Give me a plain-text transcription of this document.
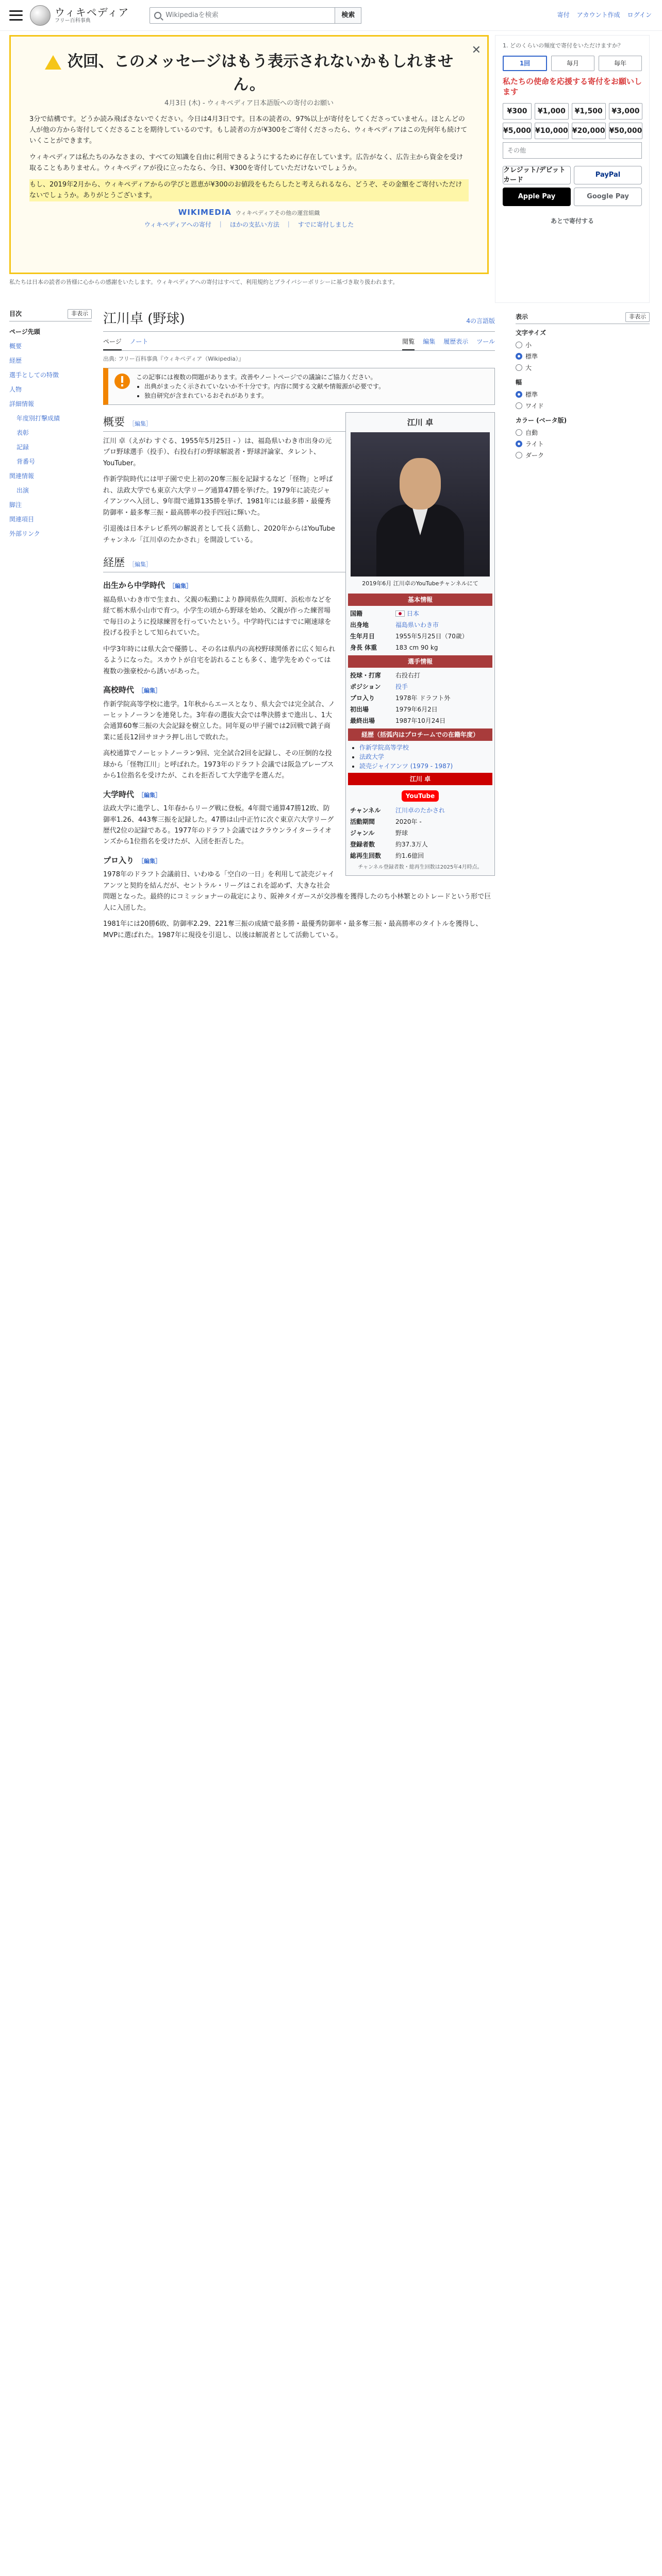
ウィキペディア
フリー百科事典
Wikipediaを検索	検索	寄付 アカウント作成 ログイン
✕
次回、このメッセージはもう表示されないかもしれません。
4月3日 (木) - ウィキペディア日本語版への寄付のお願い

3分で結構です。どうか読み飛ばさないでください。今日は4月3日です。日本の読者の、97%以上が寄付をしてくださっていません。ほとんどの人が他の方から寄付してくださることを期待しているのです。もし読者の方が¥300をご寄付くださったら、ウィキペディアはこの先何年も続けていくことができます。

ウィキペディアは私たちのみなさまの、すべての知識を自由に利用できるようにするために存在しています。広告がなく、広告主から資金を受け取ることもありません。ウィキペディアが役に立ったなら、今日、¥300を寄付していただけないでしょうか。

もし、2019年2月から、ウィキペディアからの学びと恩恵が¥300のお値段をもたらしたと考えられるなら、どうぞ、その金額をご寄付いただけないでしょうか。ありがとうございます。

WIKIMEDIA ウィキペディアその他の運営組織
ウィキペディアへの寄付　｜　ほかの支払い方法　｜　すでに寄付しました
1. どのくらいの頻度で寄付をいただけますか？
1回	毎月	毎年
私たちの使命を応援する寄付をお願いします
¥300	¥1,000	¥1,500	¥3,000
¥5,000 ¥10,000 ¥20,000 ¥50,000
その他
クレジット/デビットカード
PayPal
Apple Pay	Google Pay
あとで寄付する
私たちは日本の読者の皆様に心からの感謝をいたします。ウィキペディアへの寄付はすべて、利用規約とプライバシーポリシーに基づき取り扱われます。
目次	非表示
ページ先頭
概要
経歴
選手としての特徴
人物
詳細情報
年度別打撃成績
表彰
記録
背番号
関連情報
出演
脚注
関連項目
外部リンク
江川卓 (野球)	4の言語版
ページ ノート	閲覧 編集 履歴表示 ツール
出典: フリー百科事典『ウィキペディア（Wikipedia）』
この記事には複数の問題があります。改善やノートページでの議論にご協力ください。
• 出典がまったく示されていないか不十分です。内容に関する文献や情報源が必要です。
• 独自研究が含まれているおそれがあります。
江川 卓
2019年6月 江川卓のYouTubeチャンネルにて
基本情報
国籍	日本
出身地	福島県いわき市
生年月日	1955年5月25日（70歳）
身長 体重	183 cm 90 kg
選手情報
投球・打席	右投右打
ポジション	投手
プロ入り	1978年 ドラフト外
初出場	1979年6月2日
最終出場	1987年10月24日
経歴（括弧内はプロチームでの在籍年度）
• 作新学院高等学校
• 法政大学
• 読売ジャイアンツ (1979 - 1987)
江川 卓
YouTube
チャンネル	江川卓のたかされ
活動期間	2020年 -
ジャンル	野球
登録者数	約37.3万人
総再生回数	約1.6億回
チャンネル登録者数・総再生回数は2025年4月時点。
概要 ［編集］

江川 卓（えがわ すぐる、1955年5月25日 - ）は、福島県いわき市出身の元プロ野球選手（投手）、右投右打の野球解説者・野球評論家、タレント、YouTuber。

作新学院時代には甲子園で史上初の20奪三振を記録するなど「怪物」と呼ばれ、法政大学でも東京六大学リーグ通算47勝を挙げた。1979年に読売ジャイアンツへ入団し、9年間で通算135勝を挙げ、1981年には最多勝・最優秀防御率・最多奪三振・最高勝率の投手四冠に輝いた。

引退後は日本テレビ系列の解説者として長く活動し、2020年からはYouTubeチャンネル「江川卓のたかされ」を開設している。

経歴 ［編集］
出生から中学時代 ［編集］

福島県いわき市で生まれ、父親の転勤により静岡県佐久間町、浜松市などを経て栃木県小山市で育つ。小学生の頃から野球を始め、父親が作った練習場で毎日のように投球練習を行っていたという。中学時代にはすでに剛速球を投げる投手として知られていた。

中学3年時には県大会で優勝し、その名は県内の高校野球関係者に広く知られるようになった。スカウトが自宅を訪れることも多く、進学先をめぐっては複数の強豪校から誘いがあった。

高校時代 ［編集］

作新学院高等学校に進学。1年秋からエースとなり、県大会では完全試合、ノーヒットノーランを連発した。3年春の選抜大会では準決勝まで進出し、1大会通算60奪三振の大会記録を樹立した。同年夏の甲子園では2回戦で銚子商業に延長12回サヨナラ押し出しで敗れた。

高校通算でノーヒットノーラン9回、完全試合2回を記録し、その圧倒的な投球から「怪物江川」と呼ばれた。1973年のドラフト会議では阪急ブレーブスから1位指名を受けたが、これを拒否して大学進学を選んだ。

大学時代 ［編集］

法政大学に進学し、1年春からリーグ戦に登板。4年間で通算47勝12敗、防御率1.26、443奪三振を記録した。47勝は山中正竹に次ぐ東京六大学リーグ歴代2位の記録である。1977年のドラフト会議ではクラウンライターライオンズから1位指名を受けたが、入団を拒否した。

プロ入り ［編集］

1978年のドラフト会議前日、いわゆる「空白の一日」を利用して読売ジャイアンツと契約を結んだが、セントラル・リーグはこれを認めず、大きな社会問題となった。最終的にコミッショナーの裁定により、阪神タイガースが交渉権を獲得したのち小林繁とのトレードという形で巨人に入団した。

1981年には20勝6敗、防御率2.29、221奪三振の成績で最多勝・最優秀防御率・最多奪三振・最高勝率のタイトルを獲得し、MVPに選ばれた。1987年に現役を引退し、以後は解説者として活動している。

表示	非表示
文字サイズ
小
標準
大
幅
標準
ワイド
カラー (ベータ版)
自動
ライト
ダーク
